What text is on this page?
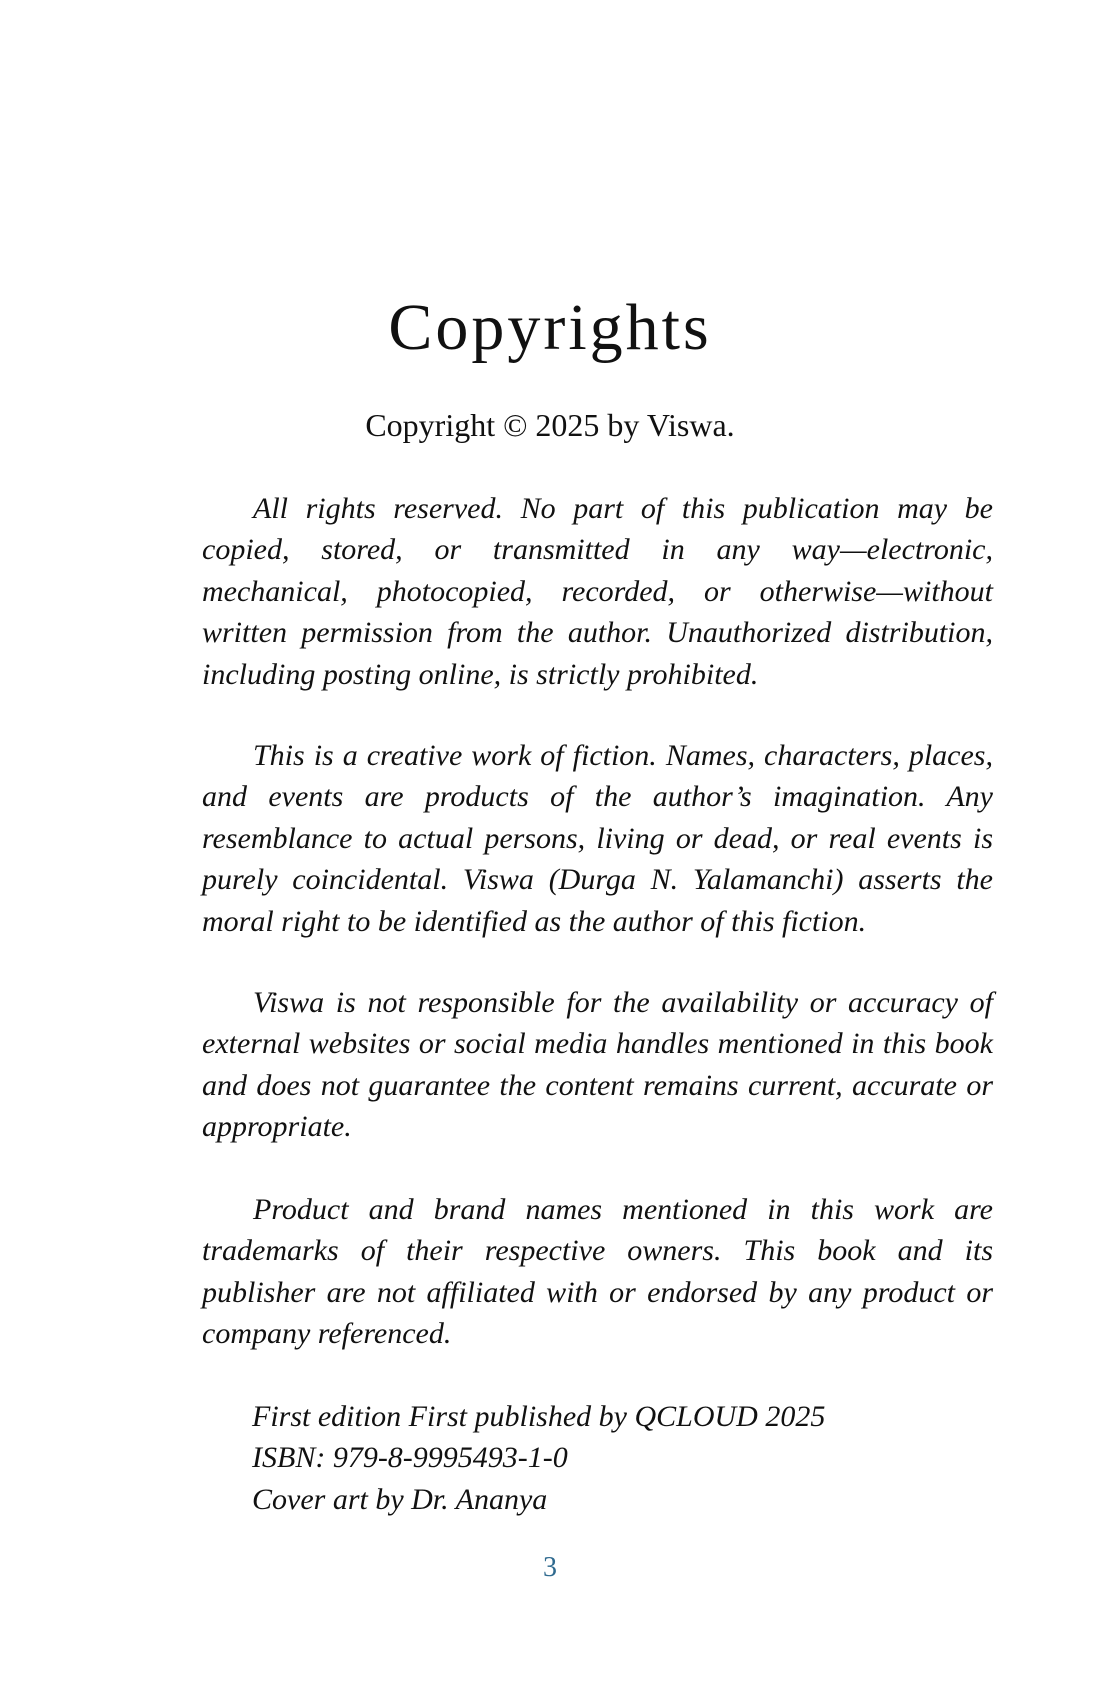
Copyrights
Copyright © 2025 by Viswa.

All rights reserved. No part of this publication may be copied, stored, or transmitted in any way—electronic, mechanical, photocopied, recorded, or otherwise—without written permission from the author. Unauthorized distribution, including posting online, is strictly prohibited.

This is a creative work of fiction. Names, characters, places, and events are products of the author’s imagination. Any resemblance to actual persons, living or dead, or real events is purely coincidental. Viswa (Durga N. Yalamanchi) asserts the moral right to be identified as the author of this fiction.

Viswa is not responsible for the availability or accuracy of external websites or social media handles mentioned in this book and does not guarantee the content remains current, accurate or appropriate.

Product and brand names mentioned in this work are trademarks of their respective owners. This book and its publisher are not affiliated with or endorsed by any product or company referenced.

First edition First published by QCLOUD 2025
ISBN: 979-8-9995493-1-0
Cover art by Dr. Ananya
3
